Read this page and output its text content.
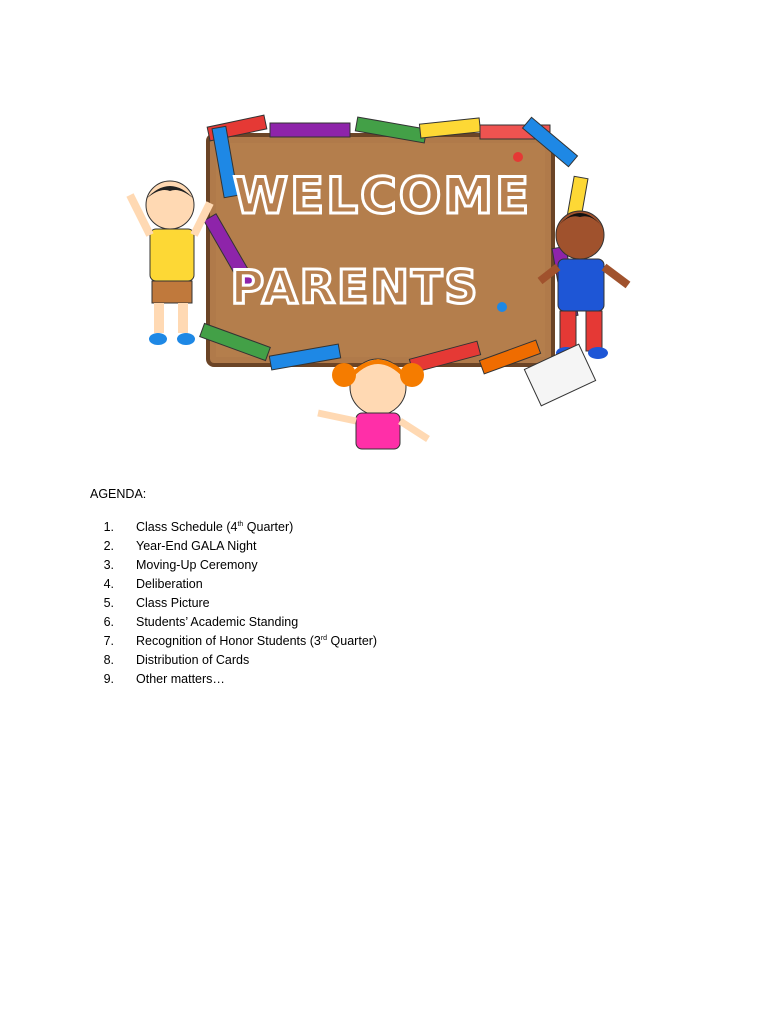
WELCOME
PARENTS
AGENDA:
1. Class Schedule (4th Quarter)
2. Year-End GALA Night
3. Moving-Up Ceremony
4. Deliberation
5. Class Picture
6. Students’ Academic Standing
7. Recognition of Honor Students (3rd Quarter)
8. Distribution of Cards
9. Other matters…
